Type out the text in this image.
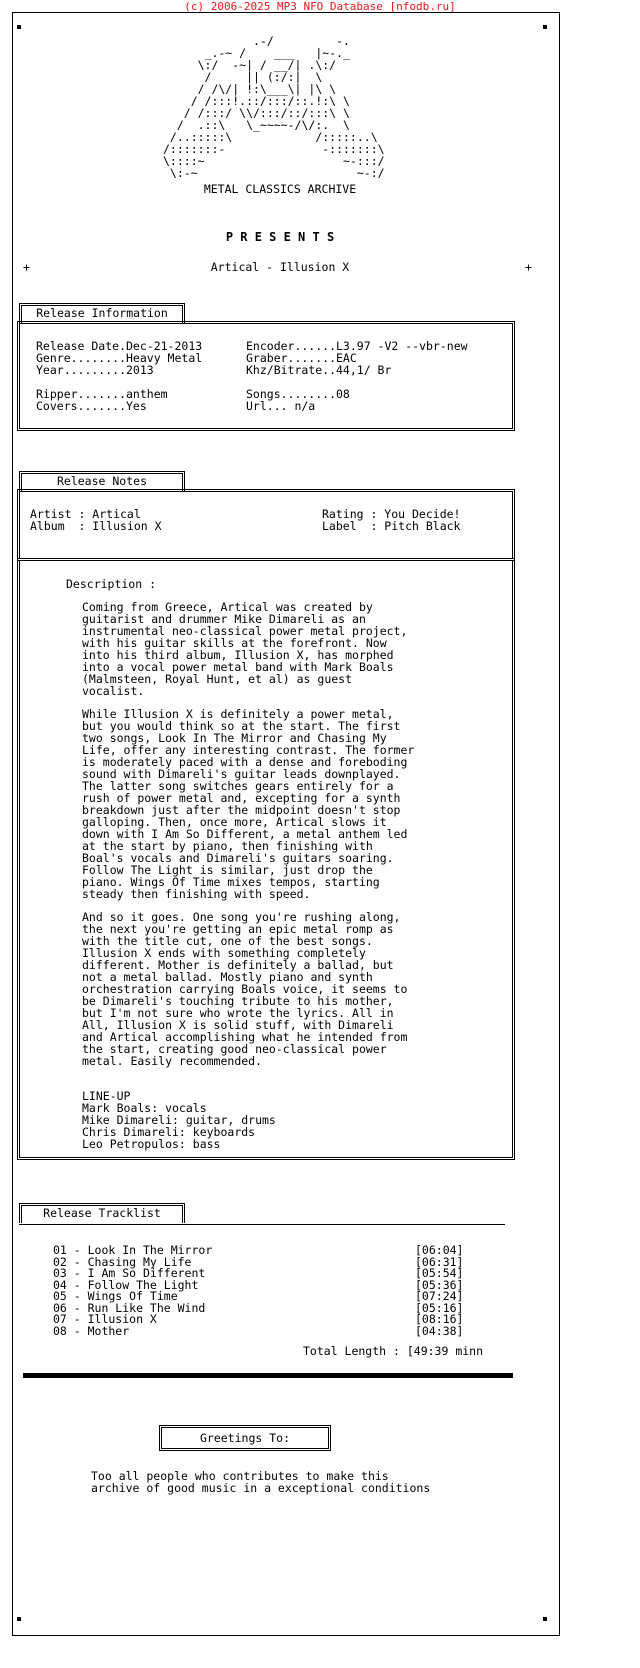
(c) 2006-2025 MP3 NFO Database [nfodb.ru]
.-/         -.
_.-~ /    ___   |~-._
\:/  -~| / __/| .\:/
/     || (:/:|  \
/ /\/| !:\___\| |\ \
/ /:::!.::/:::/::.!:\ \
/ /:::/ \\/:::/::/:::\ \
/  .::\   \_~~~~-/\/:.  \
/..:::::\            /:::::..\
/:::::::-              -:::::::\
\::::~                    ~-:::/
\:-~                       ~-:/
METAL CLASSICS ARCHIVE
P R E S E N T S
+	Artical - Illusion X	+
Release Information
Release Date.Dec-21-2013
Genre........Heavy Metal
Year.........2013
Ripper.......anthem
Covers.......Yes
Encoder......L3.97 -V2 --vbr-new
Graber.......EAC
Khz/Bitrate..44,1/ Br
Songs........08
Url... n/a
Release Notes
Artist : Artical
Album  : Illusion X
Rating : You Decide!
Label  : Pitch Black
Description :
Coming from Greece, Artical was created by
guitarist and drummer Mike Dimareli as an
instrumental neo-classical power metal project,
with his guitar skills at the forefront. Now
into his third album, Illusion X, has morphed
into a vocal power metal band with Mark Boals
(Malmsteen, Royal Hunt, et al) as guest
vocalist.
While Illusion X is definitely a power metal,
but you would think so at the start. The first
two songs, Look In The Mirror and Chasing My
Life, offer any interesting contrast. The former
is moderately paced with a dense and foreboding
sound with Dimareli's guitar leads downplayed.
The latter song switches gears entirely for a
rush of power metal and, excepting for a synth
breakdown just after the midpoint doesn't stop
galloping. Then, once more, Artical slows it
down with I Am So Different, a metal anthem led
at the start by piano, then finishing with
Boal's vocals and Dimareli's guitars soaring.
Follow The Light is similar, just drop the
piano. Wings Of Time mixes tempos, starting
steady then finishing with speed.
And so it goes. One song you're rushing along,
the next you're getting an epic metal romp as
with the title cut, one of the best songs.
Illusion X ends with something completely
different. Mother is definitely a ballad, but
not a metal ballad. Mostly piano and synth
orchestration carrying Boals voice, it seems to
be Dimareli's touching tribute to his mother,
but I'm not sure who wrote the lyrics. All in
All, Illusion X is solid stuff, with Dimareli
and Artical accomplishing what he intended from
the start, creating good neo-classical power
metal. Easily recommended.
LINE-UP
Mark Boals: vocals
Mike Dimareli: guitar, drums
Chris Dimareli: keyboards
Leo Petropulos: bass
Release Tracklist
01 - Look In The Mirror	[06:04]
02 - Chasing My Life	[06:31]
03 - I Am So Different	[05:54]
04 - Follow The Light	[05:36]
05 - Wings Of Time	[07:24]
06 - Run Like The Wind	[05:16]
07 - Illusion X	[08:16]
08 - Mother	[04:38]
Total Length : [49:39 minn
Greetings To:
Too all people who contributes to make this
archive of good music in a exceptional conditions
